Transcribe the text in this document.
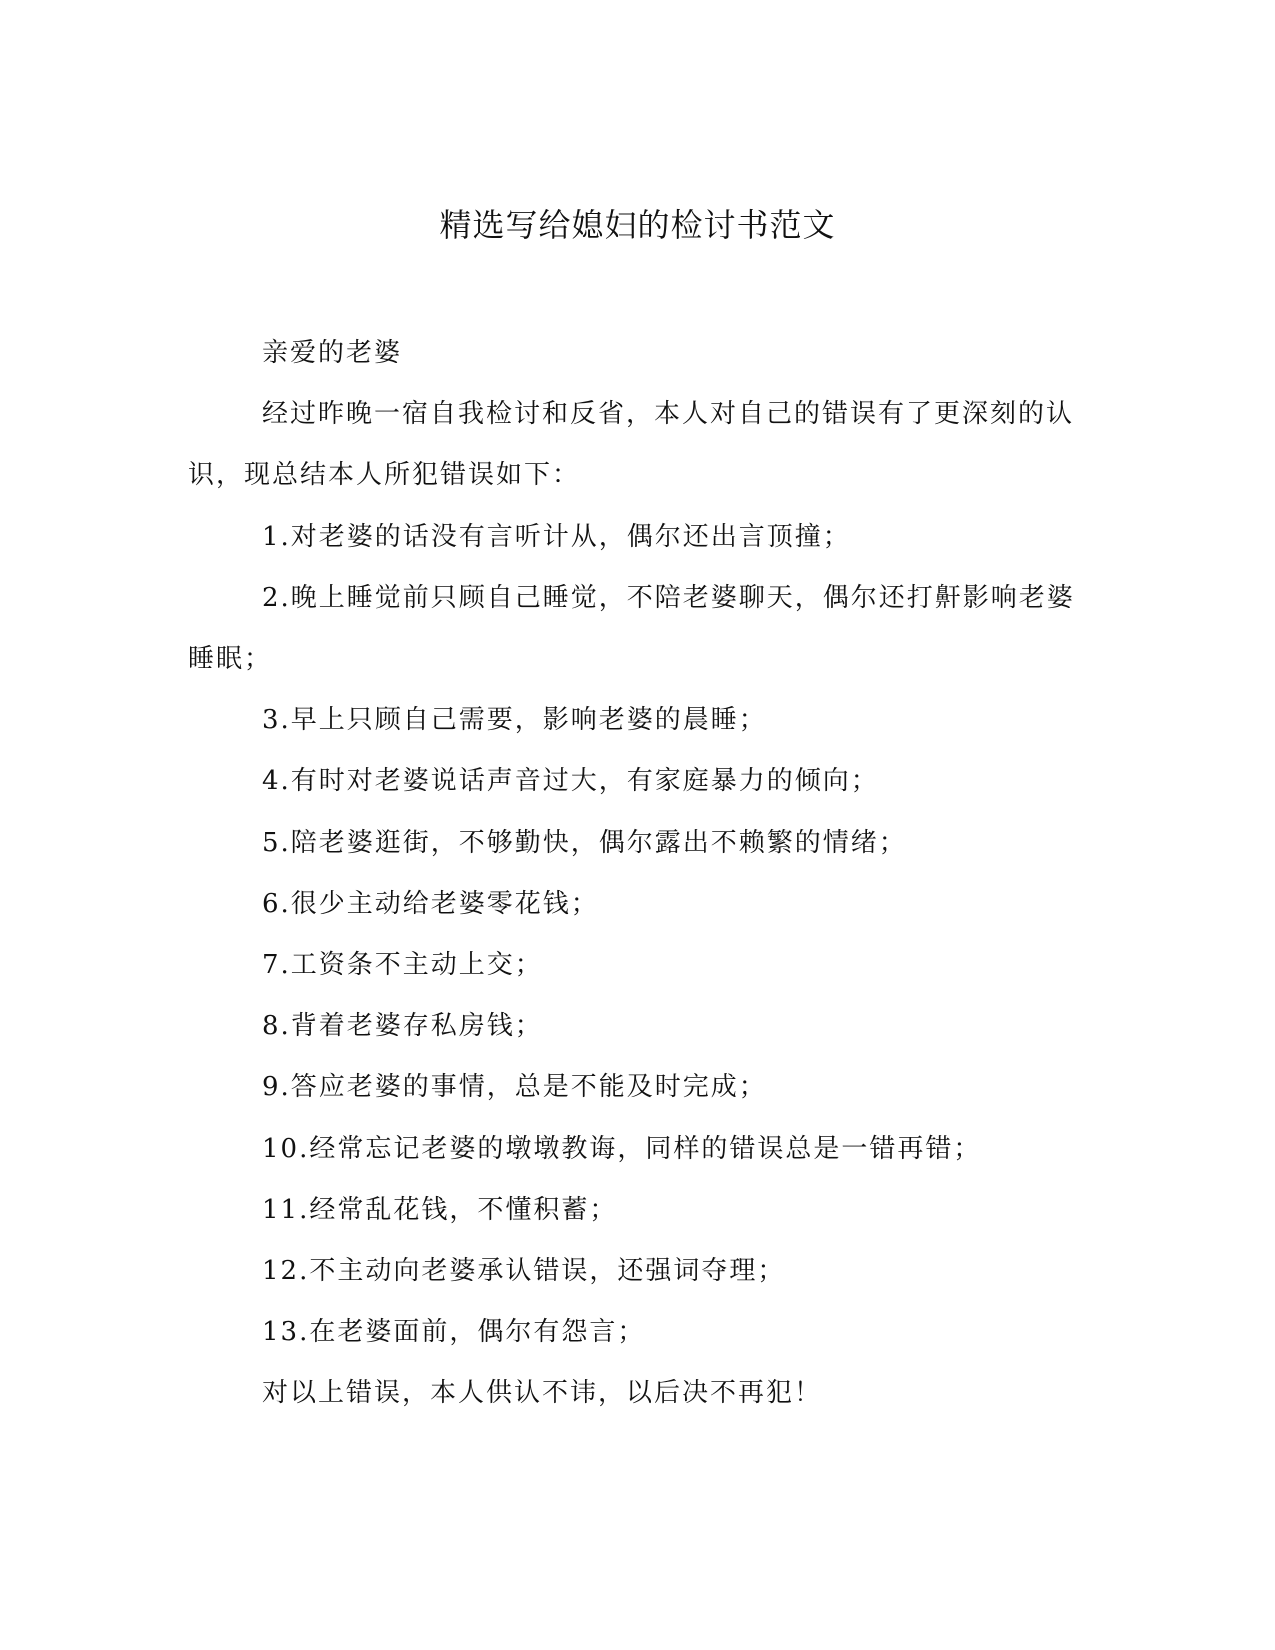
精选写给媳妇的检讨书范文

亲爱的老婆

经过昨晚一宿自我检讨和反省，本人对自己的错误有了更深刻的认识，现总结本人所犯错误如下：

1.对老婆的话没有言听计从，偶尔还出言顶撞；

2.晚上睡觉前只顾自己睡觉，不陪老婆聊天，偶尔还打鼾影响老婆睡眠；

3.早上只顾自己需要，影响老婆的晨睡；

4.有时对老婆说话声音过大，有家庭暴力的倾向；

5.陪老婆逛街，不够勤快，偶尔露出不赖繁的情绪；

6.很少主动给老婆零花钱；

7.工资条不主动上交；

8.背着老婆存私房钱；

9.答应老婆的事情，总是不能及时完成；

10.经常忘记老婆的墩墩教诲，同样的错误总是一错再错；

11.经常乱花钱，不懂积蓄；

12.不主动向老婆承认错误，还强词夺理；

13.在老婆面前，偶尔有怨言；

对以上错误，本人供认不讳，以后决不再犯！
